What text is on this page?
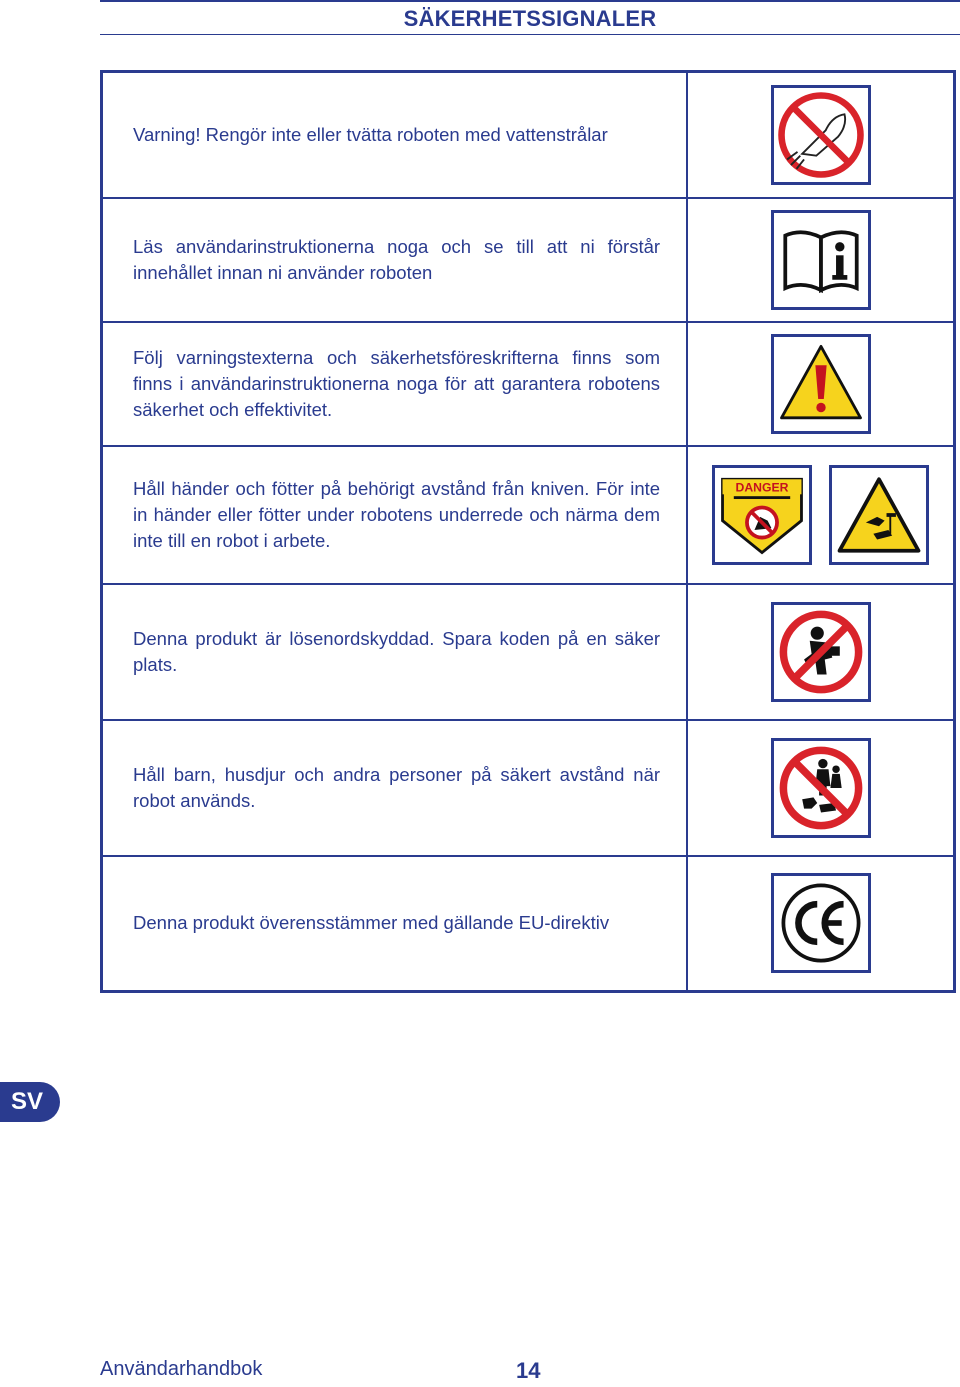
SÄKERHETSSIGNALER
Varning! Rengör inte eller tvätta roboten med vattenstrålar	

Läs användarinstruktionerna noga och se till att ni förstår innehållet innan ni använder roboten	

Följ varningstexterna och säkerhetsföreskrifterna finns som finns i användarinstruktionerna noga för att garantera robotens säkerhet och effektivitet.	

Håll händer och fötter på behörigt avstånd från kniven. För inte in händer eller fötter under robotens underrede och närma dem inte till en robot i arbete.	DANGER

Denna produkt är lösenordskyddad. Spara koden på en säker plats.	

Håll barn, husdjur och andra personer på säkert avstånd när robot används.	

Denna produkt överensstämmer med gällande EU-direktiv	
SV
Användarhandbok	14
